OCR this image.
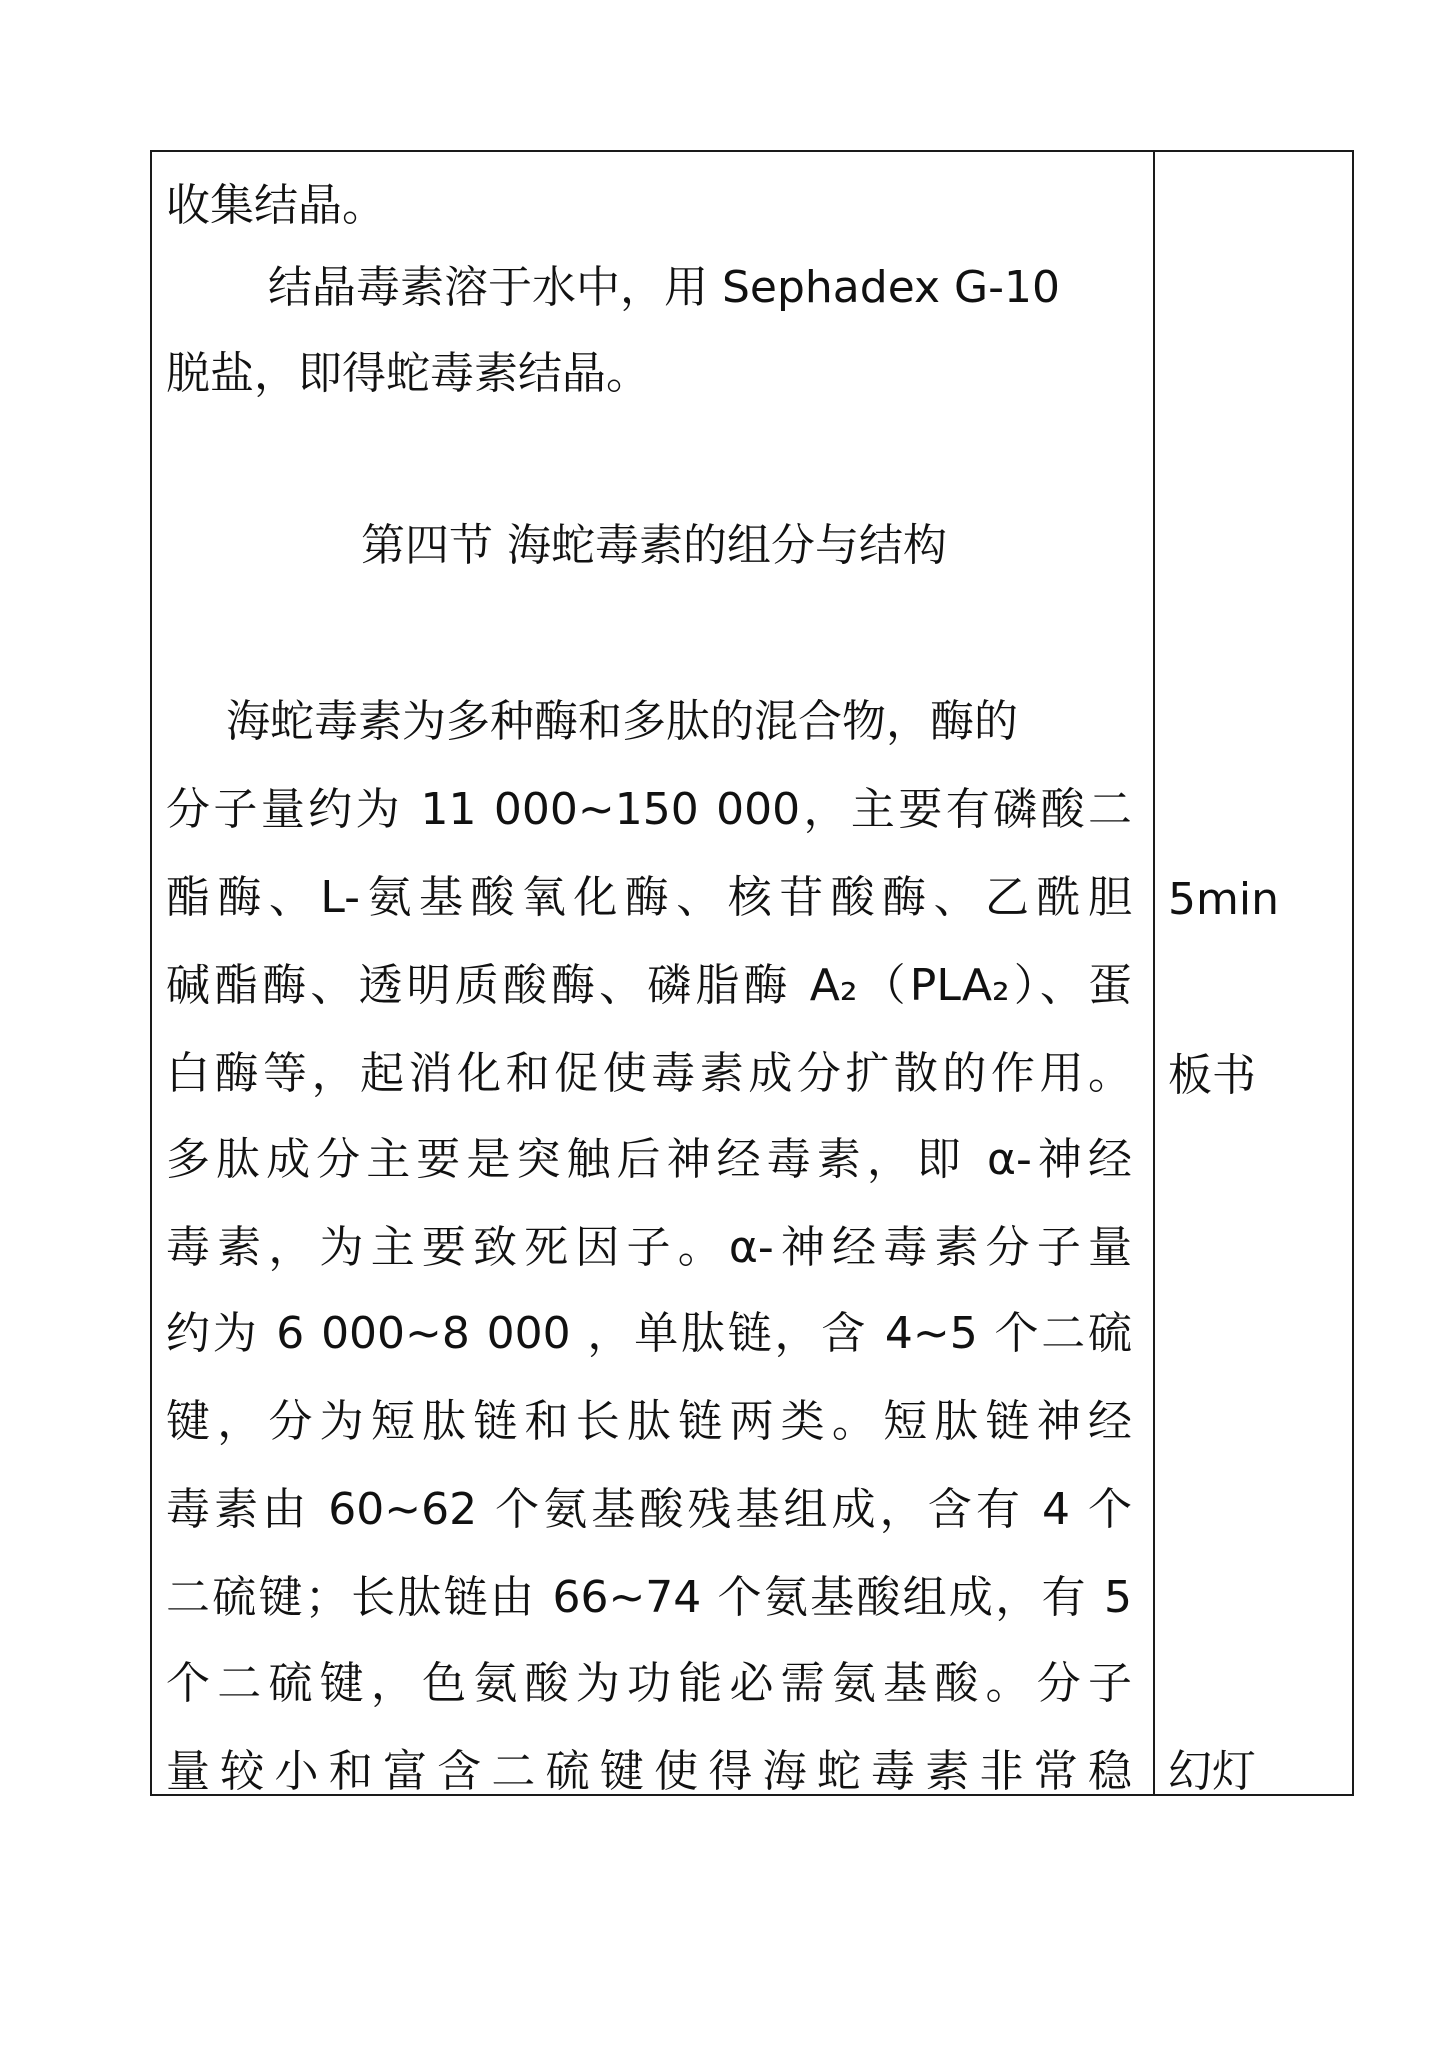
收集结晶。
结晶毒素溶于水中，用 Sephadex G-10
脱盐，即得蛇毒素结晶。
第四节 海蛇毒素的组分与结构
海蛇毒素为多种酶和多肽的混合物，酶的
分子量约为 11 000~150 000，主要有磷酸二
酯酶、L-氨基酸氧化酶、核苷酸酶、乙酰胆
碱酯酶、透明质酸酶、磷脂酶 A₂（PLA₂）、蛋
白酶等，起消化和促使毒素成分扩散的作用。
多肽成分主要是突触后神经毒素，即 α-神经
毒素，为主要致死因子。α-神经毒素分子量
约为 6 000~8 000 ，单肽链，含 4~5 个二硫
键，分为短肽链和长肽链两类。短肽链神经
毒素由 60~62 个氨基酸残基组成，含有 4 个
二硫键；长肽链由 66~74 个氨基酸组成，有 5
个二硫键，色氨酸为功能必需氨基酸。分子
量较小和富含二硫键使得海蛇毒素非常稳
5min
板书
幻灯
